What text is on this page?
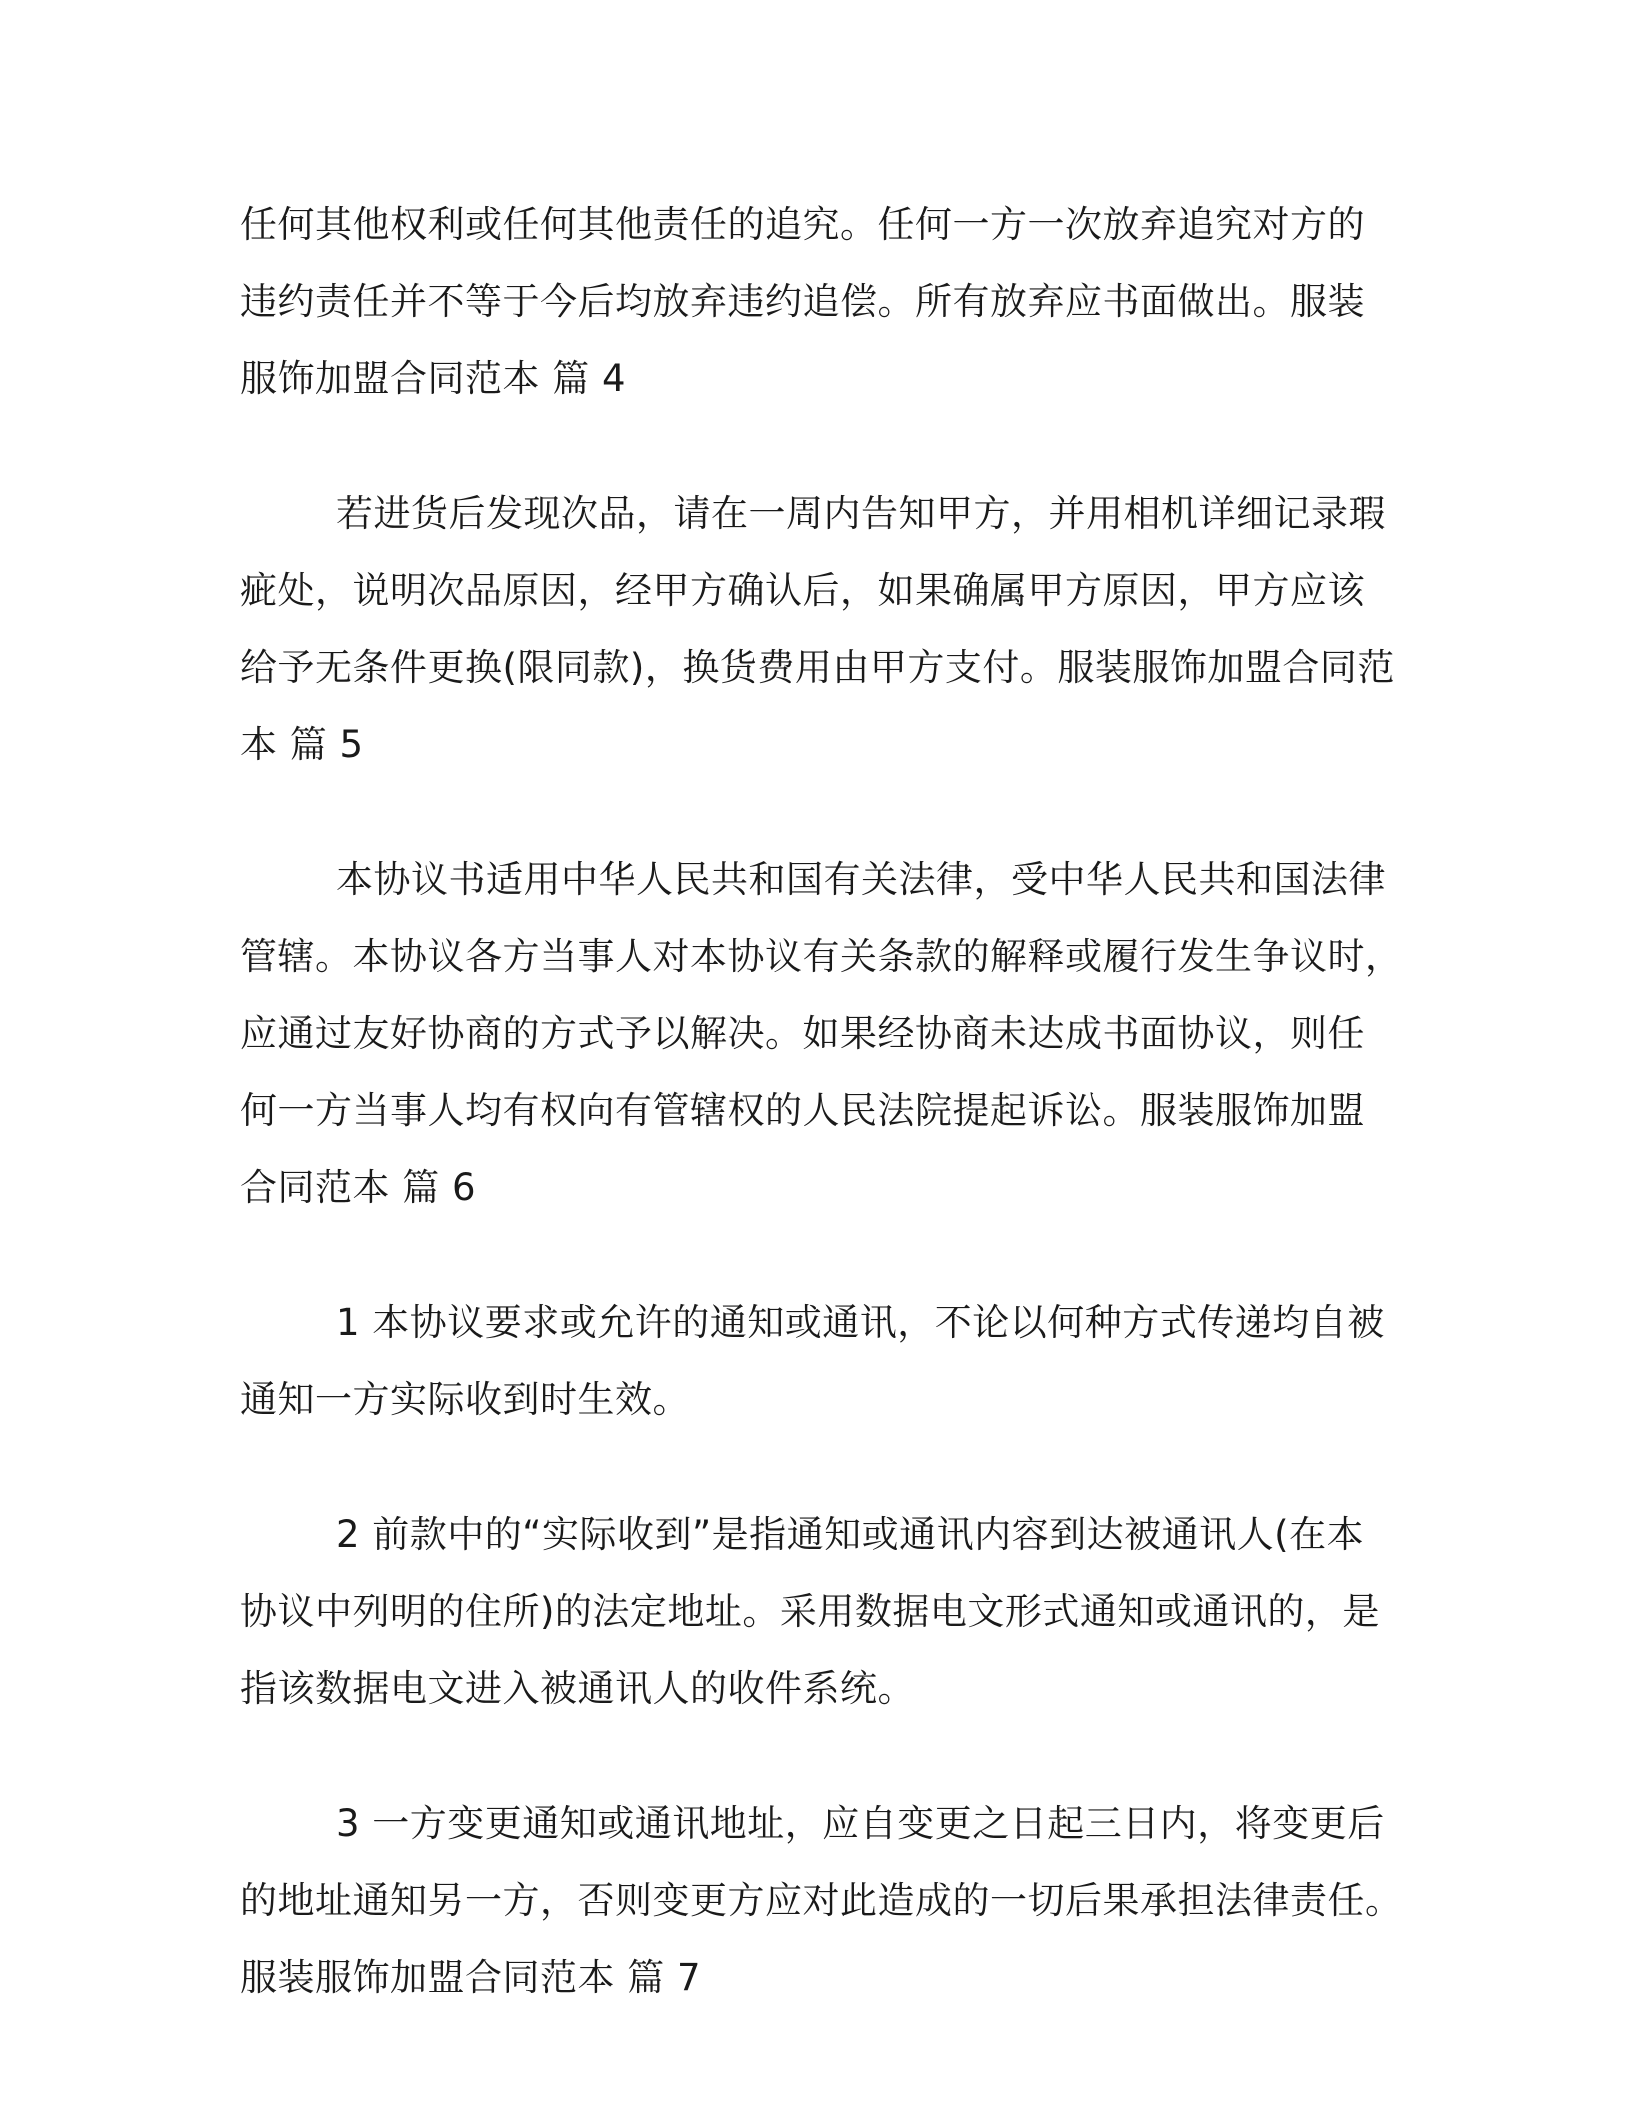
任何其他权利或任何其他责任的追究。任何一方一次放弃追究对方的
违约责任并不等于今后均放弃违约追偿。所有放弃应书面做出。服装
服饰加盟合同范本 篇 4

若进货后发现次品，请在一周内告知甲方，并用相机详细记录瑕
疵处，说明次品原因，经甲方确认后，如果确属甲方原因，甲方应该
给予无条件更换(限同款)，换货费用由甲方支付。服装服饰加盟合同范
本 篇 5

本协议书适用中华人民共和国有关法律，受中华人民共和国法律
管辖。本协议各方当事人对本协议有关条款的解释或履行发生争议时，
应通过友好协商的方式予以解决。如果经协商未达成书面协议，则任
何一方当事人均有权向有管辖权的人民法院提起诉讼。服装服饰加盟
合同范本 篇 6

1 本协议要求或允许的通知或通讯，不论以何种方式传递均自被
通知一方实际收到时生效。

2 前款中的“实际收到”是指通知或通讯内容到达被通讯人(在本
协议中列明的住所)的法定地址。采用数据电文形式通知或通讯的，是
指该数据电文进入被通讯人的收件系统。

3 一方变更通知或通讯地址，应自变更之日起三日内，将变更后
的地址通知另一方，否则变更方应对此造成的一切后果承担法律责任。
服装服饰加盟合同范本 篇 7
